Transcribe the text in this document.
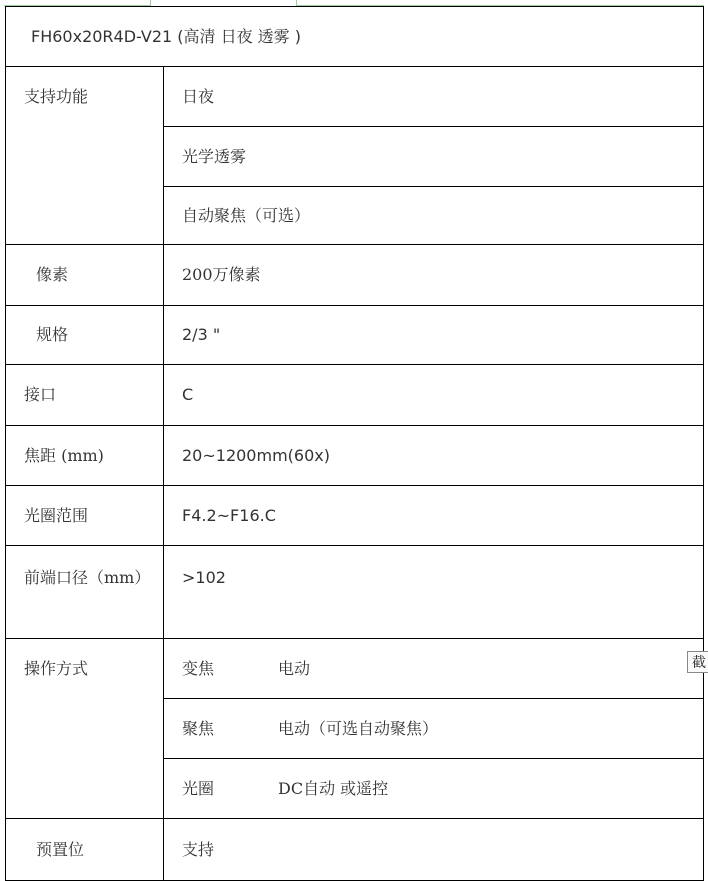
FH60x20R4D-V21 (高清 日夜 透雾 )	
支持功能	日夜
	光学透雾
	自动聚焦（可选）
像素	200万像素
规格	2/3 "
接口	C
焦距 (mm)	20~1200mm(60x)
光圈范围	F4.2~F16.C
前端口径（mm）	>102
操作方式	变焦 电动
	聚焦 电动（可选自动聚焦）
	光圈 DC自动 或遥控
预置位	支持
截
